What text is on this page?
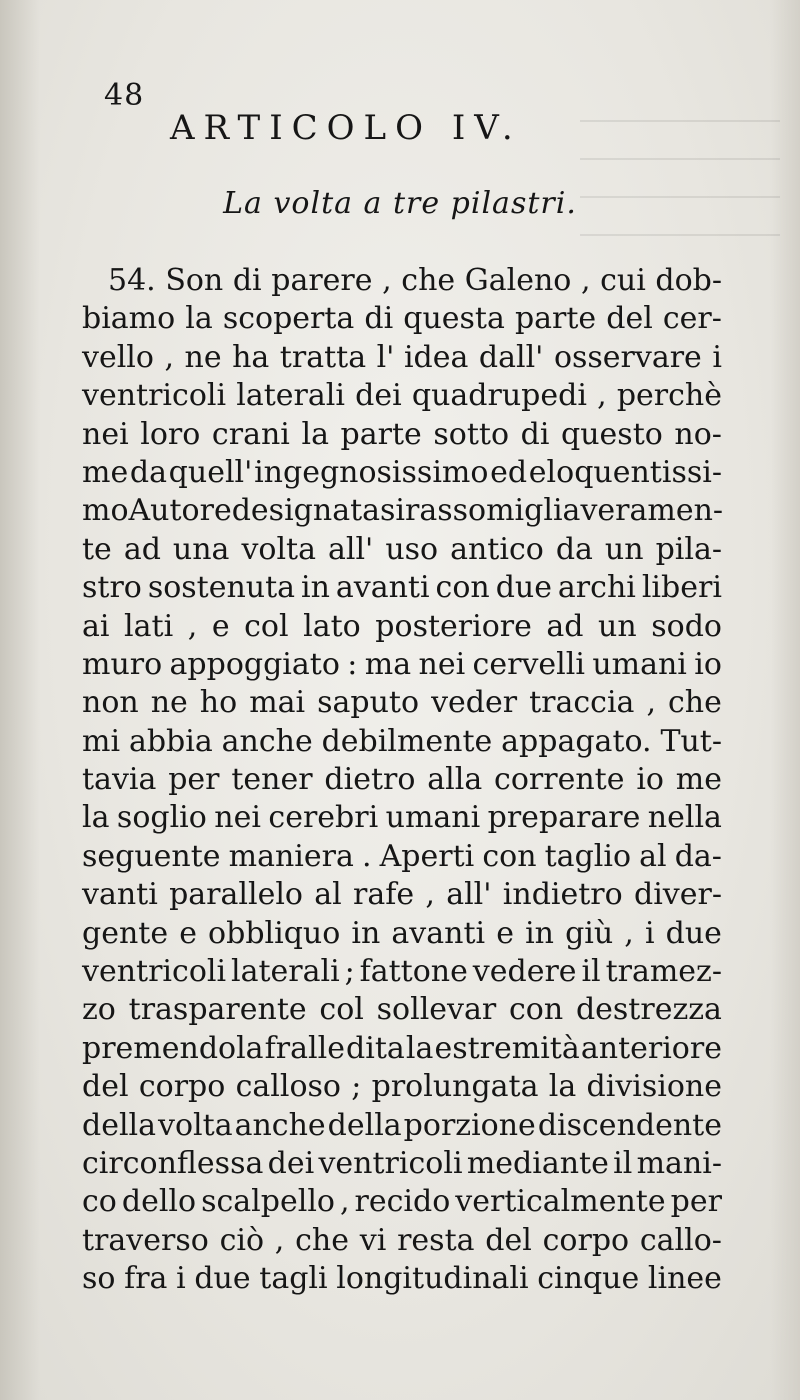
48
ARTICOLO IV.
La volta a tre pilastri.
54. Son di parere , che Galeno , cui dob-
biamo la scoperta di questa parte del cer-
vello , ne ha tratta l' idea dall' osservare i
ventricoli laterali dei quadrupedi , perchè
nei loro crani la parte sotto di questo no-
me da quell' ingegnosissimo ed eloquentissi-
mo Autore designata si rassomiglia veramen-
te ad una volta all' uso antico da un pila-
stro sostenuta in avanti con due archi liberi
ai lati , e col lato posteriore ad un sodo
muro appoggiato : ma nei cervelli umani io
non ne ho mai saputo veder traccia , che
mi abbia anche debilmente appagato. Tut-
tavia per tener dietro alla corrente io me
la soglio nei cerebri umani preparare nella
seguente maniera . Aperti con taglio al da-
vanti parallelo al rafe , all' indietro diver-
gente e obbliquo in avanti e in giù , i due
ventricoli laterali ; fattone vedere il tramez-
zo trasparente col sollevar con destrezza
premendola fralle dita la estremità anteriore
del corpo calloso ; prolungata la divisione
della volta anche della porzione discendente
circonflessa dei ventricoli mediante il mani-
co dello scalpello , recido verticalmente per
traverso ciò , che vi resta del corpo callo-
so fra i due tagli longitudinali cinque linee
